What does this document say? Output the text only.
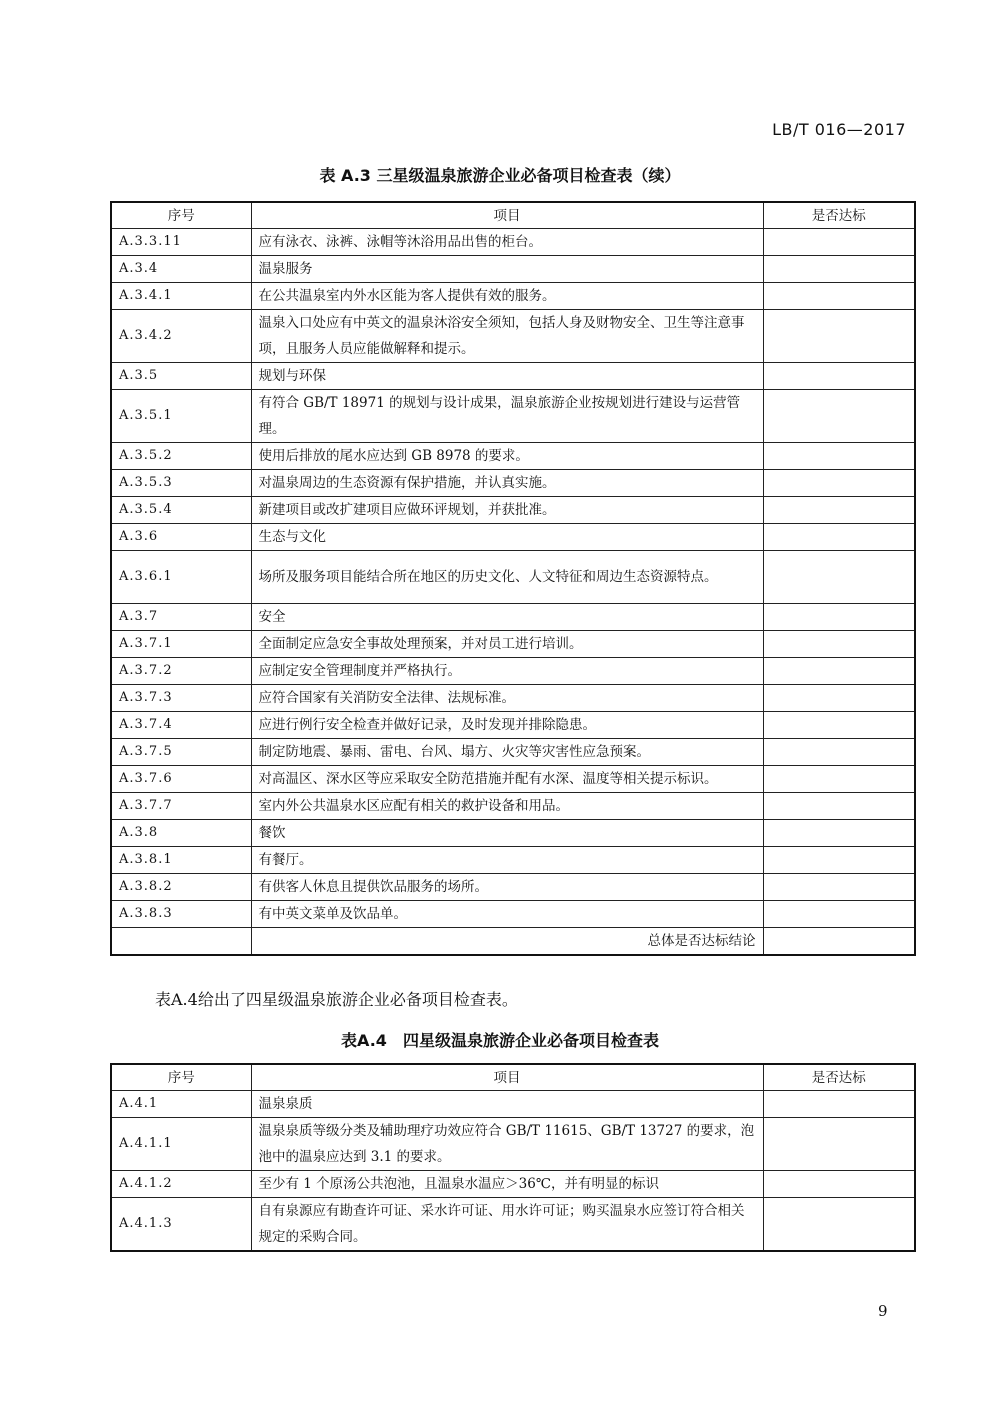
LB/T 016—2017
表 A.3 三星级温泉旅游企业必备项目检查表（续）
序号	项目	是否达标
A.3.3.11	应有泳衣、泳裤、泳帽等沐浴用品出售的柜台。	
A.3.4	温泉服务	
A.3.4.1	在公共温泉室内外水区能为客人提供有效的服务。	
A.3.4.2	温泉入口处应有中英文的温泉沐浴安全须知，包括人身及财物安全、卫生等注意事项，且服务人员应能做解释和提示。	
A.3.5	规划与环保	
A.3.5.1	有符合 GB/T 18971 的规划与设计成果，温泉旅游企业按规划进行建设与运营管理。	
A.3.5.2	使用后排放的尾水应达到 GB 8978 的要求。	
A.3.5.3	对温泉周边的生态资源有保护措施，并认真实施。	
A.3.5.4	新建项目或改扩建项目应做环评规划，并获批准。	
A.3.6	生态与文化	
A.3.6.1	场所及服务项目能结合所在地区的历史文化、人文特征和周边生态资源特点。	
A.3.7	安全	
A.3.7.1	全面制定应急安全事故处理预案，并对员工进行培训。	
A.3.7.2	应制定安全管理制度并严格执行。	
A.3.7.3	应符合国家有关消防安全法律、法规标准。	
A.3.7.4	应进行例行安全检查并做好记录，及时发现并排除隐患。	
A.3.7.5	制定防地震、暴雨、雷电、台风、塌方、火灾等灾害性应急预案。	
A.3.7.6	对高温区、深水区等应采取安全防范措施并配有水深、温度等相关提示标识。	
A.3.7.7	室内外公共温泉水区应配有相关的救护设备和用品。	
A.3.8	餐饮	
A.3.8.1	有餐厅。	
A.3.8.2	有供客人休息且提供饮品服务的场所。	
A.3.8.3	有中英文菜单及饮品单。	
	总体是否达标结论	
表A.4给出了四星级温泉旅游企业必备项目检查表。
表A.4　四星级温泉旅游企业必备项目检查表
序号	项目	是否达标
A.4.1	温泉泉质	
A.4.1.1	温泉泉质等级分类及辅助理疗功效应符合 GB/T 11615、GB/T 13727 的要求，泡池中的温泉应达到 3.1 的要求。	
A.4.1.2	至少有 1 个原汤公共泡池，且温泉水温应＞36℃，并有明显的标识	
A.4.1.3	自有泉源应有勘查许可证、采水许可证、用水许可证；购买温泉水应签订符合相关规定的采购合同。	
9
